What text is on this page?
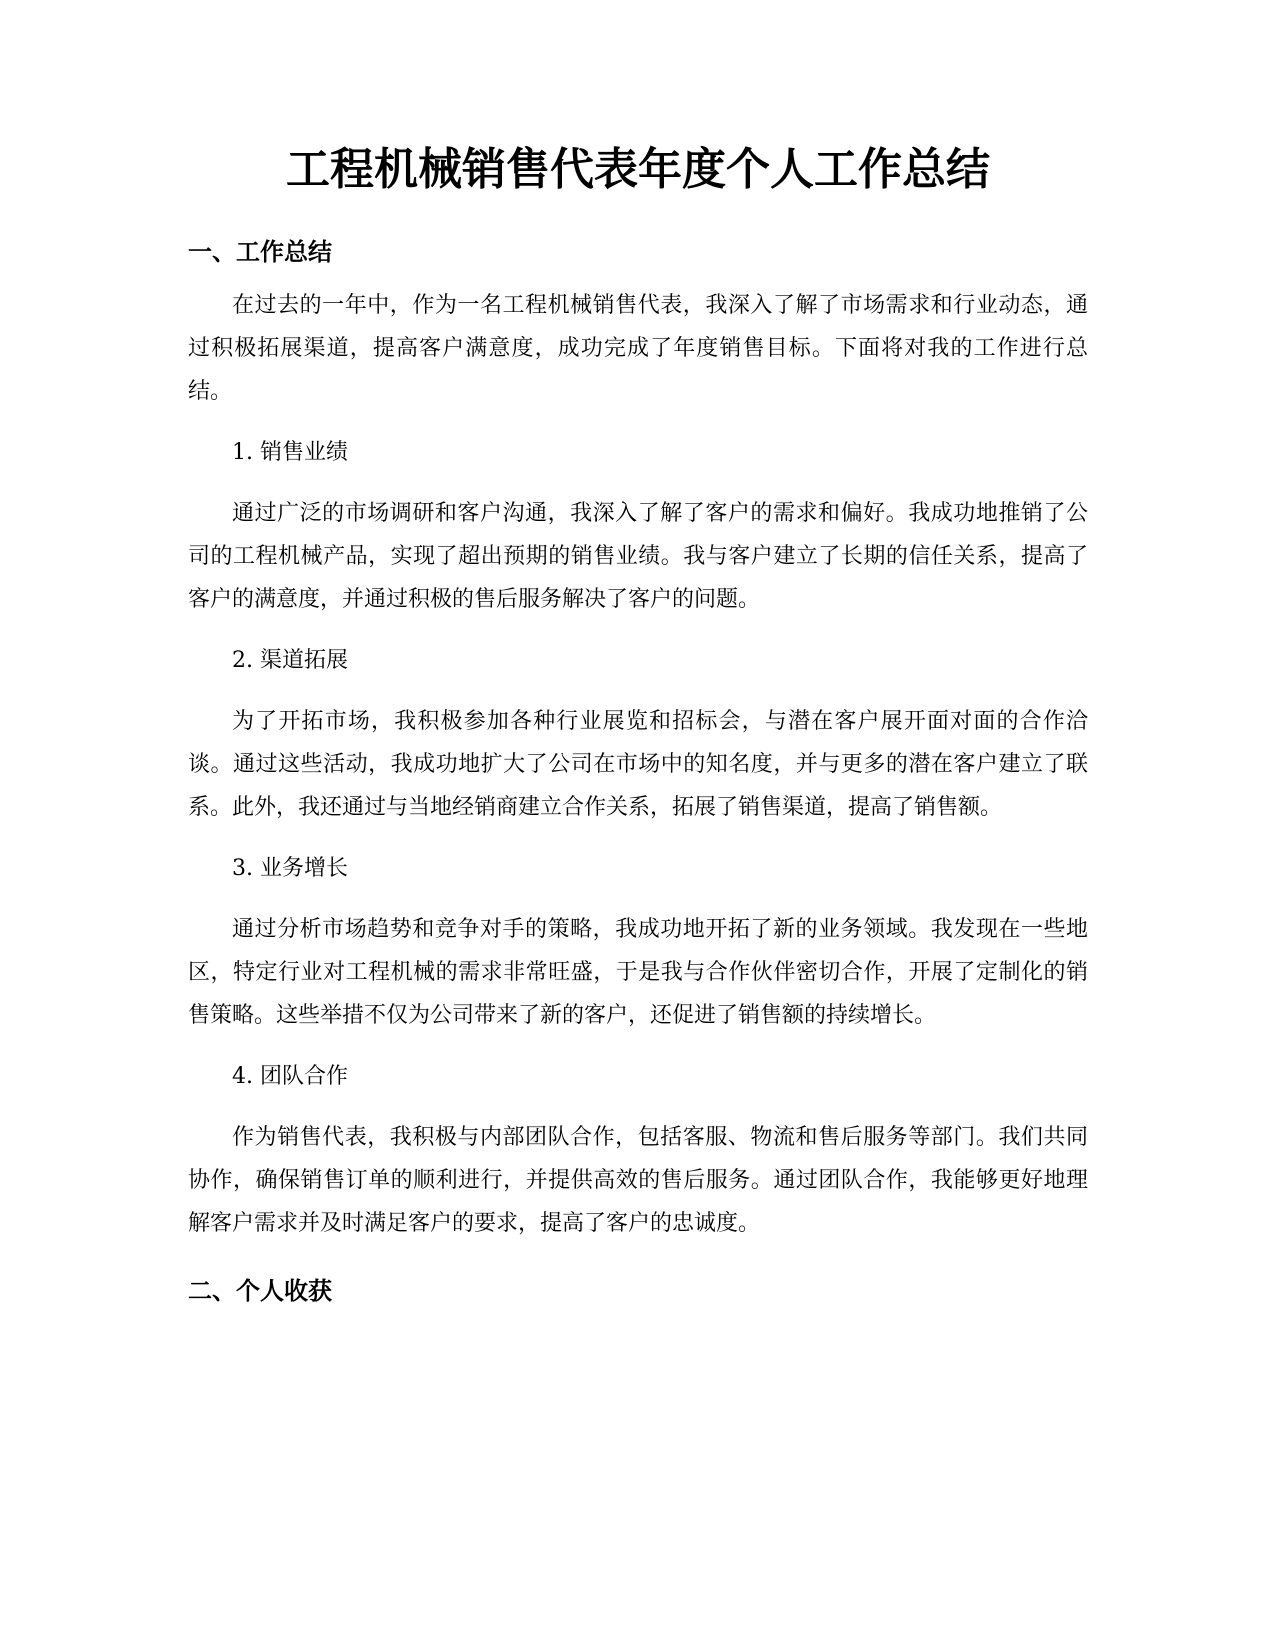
工程机械销售代表年度个人工作总结
一、工作总结

在过去的一年中，作为一名工程机械销售代表，我深入了解了市场需求和行业动态，通过积极拓展渠道，提高客户满意度，成功完成了年度销售目标。下面将对我的工作进行总结。

1. 销售业绩

通过广泛的市场调研和客户沟通，我深入了解了客户的需求和偏好。我成功地推销了公司的工程机械产品，实现了超出预期的销售业绩。我与客户建立了长期的信任关系，提高了客户的满意度，并通过积极的售后服务解决了客户的问题。

2. 渠道拓展

为了开拓市场，我积极参加各种行业展览和招标会，与潜在客户展开面对面的合作洽谈。通过这些活动，我成功地扩大了公司在市场中的知名度，并与更多的潜在客户建立了联系。此外，我还通过与当地经销商建立合作关系，拓展了销售渠道，提高了销售额。

3. 业务增长

通过分析市场趋势和竞争对手的策略，我成功地开拓了新的业务领域。我发现在一些地区，特定行业对工程机械的需求非常旺盛，于是我与合作伙伴密切合作，开展了定制化的销售策略。这些举措不仅为公司带来了新的客户，还促进了销售额的持续增长。

4. 团队合作

作为销售代表，我积极与内部团队合作，包括客服、物流和售后服务等部门。我们共同协作，确保销售订单的顺利进行，并提供高效的售后服务。通过团队合作，我能够更好地理解客户需求并及时满足客户的要求，提高了客户的忠诚度。

二、个人收获
